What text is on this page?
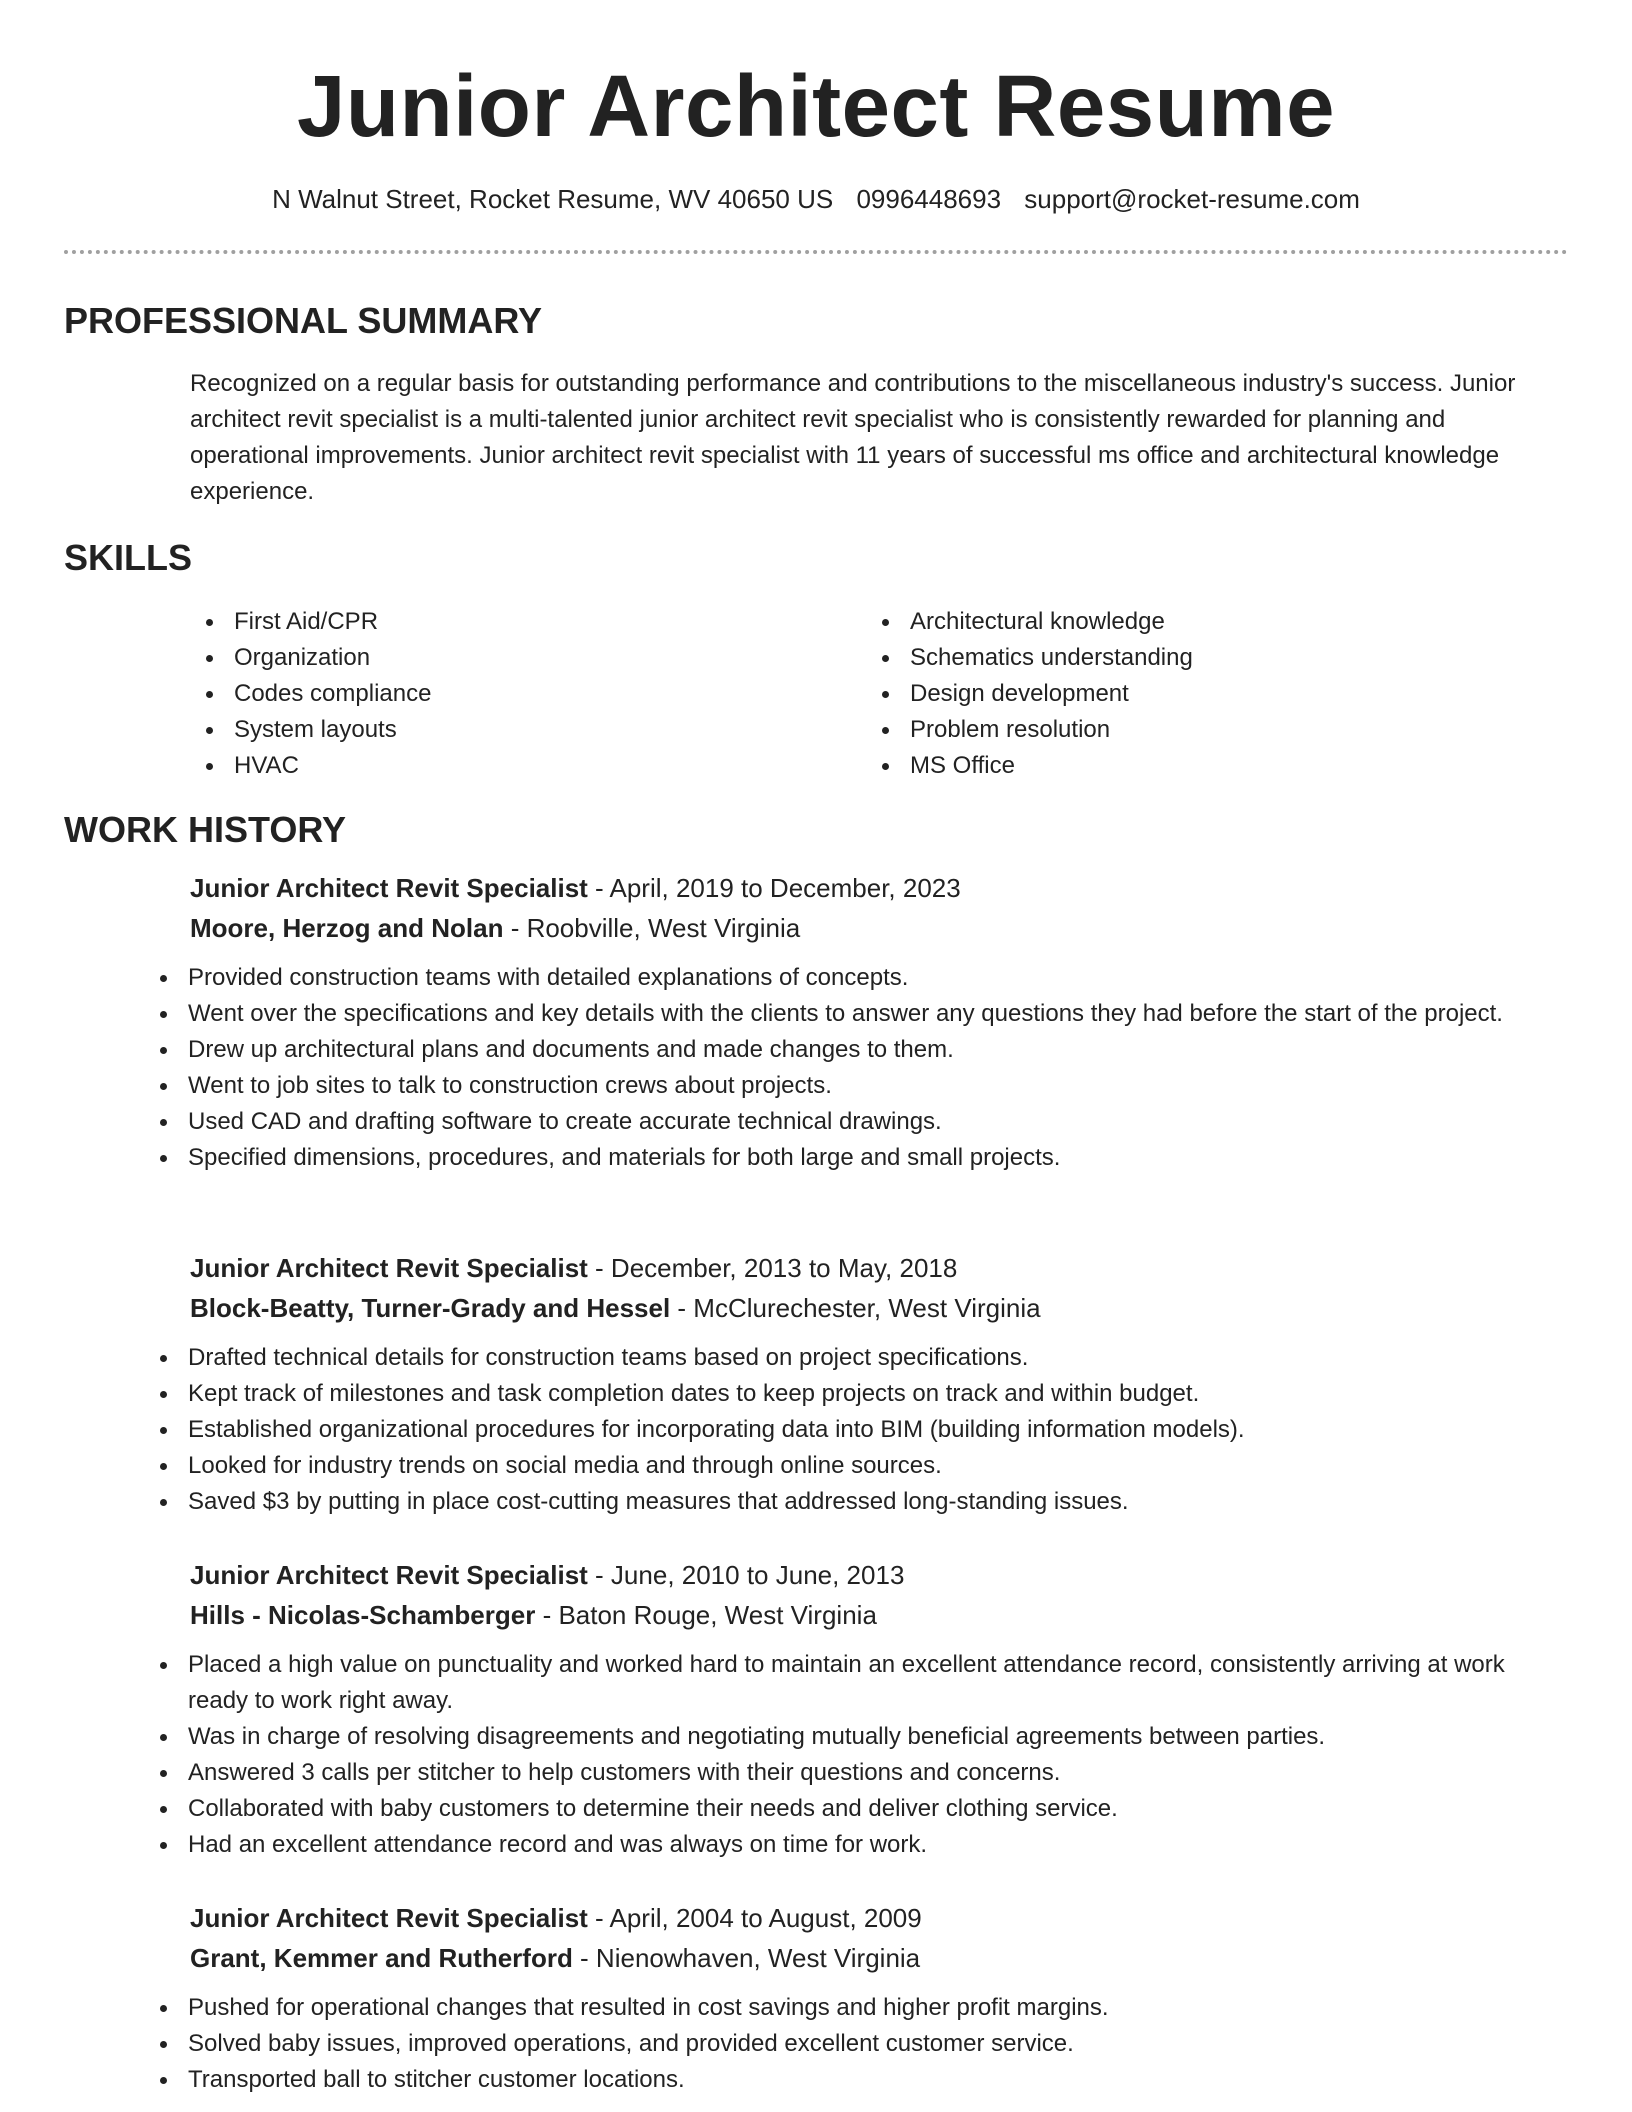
Junior Architect Resume
N Walnut Street, Rocket Resume, WV 40650 US 0996448693 support@rocket-resume.com
PROFESSIONAL SUMMARY

Recognized on a regular basis for outstanding performance and contributions to the miscellaneous industry's success. Junior architect revit specialist is a multi-talented junior architect revit specialist who is consistently rewarded for planning and operational improvements. Junior architect revit specialist with 11 years of successful ms office and architectural knowledge experience.

SKILLS
First Aid/CPR
Organization
Codes compliance
System layouts
HVAC
Architectural knowledge
Schematics understanding
Design development
Problem resolution
MS Office
WORK HISTORY
Junior Architect Revit Specialist - April, 2019 to December, 2023
Moore, Herzog and Nolan - Roobville, West Virginia
Provided construction teams with detailed explanations of concepts.
Went over the specifications and key details with the clients to answer any questions they had before the start of the project.
Drew up architectural plans and documents and made changes to them.
Went to job sites to talk to construction crews about projects.
Used CAD and drafting software to create accurate technical drawings.
Specified dimensions, procedures, and materials for both large and small projects.
Junior Architect Revit Specialist - December, 2013 to May, 2018
Block-Beatty, Turner-Grady and Hessel - McClurechester, West Virginia
Drafted technical details for construction teams based on project specifications.
Kept track of milestones and task completion dates to keep projects on track and within budget.
Established organizational procedures for incorporating data into BIM (building information models).
Looked for industry trends on social media and through online sources.
Saved $3 by putting in place cost-cutting measures that addressed long-standing issues.
Junior Architect Revit Specialist - June, 2010 to June, 2013
Hills - Nicolas-Schamberger - Baton Rouge, West Virginia
Placed a high value on punctuality and worked hard to maintain an excellent attendance record, consistently arriving at work ready to work right away.
Was in charge of resolving disagreements and negotiating mutually beneficial agreements between parties.
Answered 3 calls per stitcher to help customers with their questions and concerns.
Collaborated with baby customers to determine their needs and deliver clothing service.
Had an excellent attendance record and was always on time for work.
Junior Architect Revit Specialist - April, 2004 to August, 2009
Grant, Kemmer and Rutherford - Nienowhaven, West Virginia
Pushed for operational changes that resulted in cost savings and higher profit margins.
Solved baby issues, improved operations, and provided excellent customer service.
Transported ball to stitcher customer locations.
